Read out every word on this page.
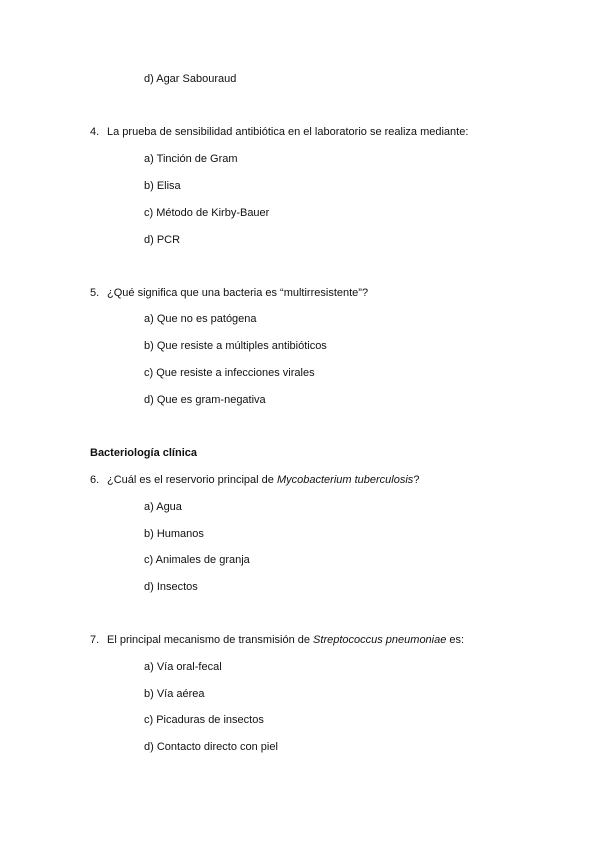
d) Agar Sabouraud
4. La prueba de sensibilidad antibiótica en el laboratorio se realiza mediante:
a) Tinción de Gram
b) Elisa
c) Método de Kirby-Bauer
d) PCR
5. ¿Qué significa que una bacteria es “multirresistente”?
a) Que no es patógena
b) Que resiste a múltiples antibióticos
c) Que resiste a infecciones virales
d) Que es gram-negativa
Bacteriología clínica
6. ¿Cuál es el reservorio principal de Mycobacterium tuberculosis?
a) Agua
b) Humanos
c) Animales de granja
d) Insectos
7. El principal mecanismo de transmisión de Streptococcus pneumoniae es:
a) Vía oral-fecal
b) Vía aérea
c) Picaduras de insectos
d) Contacto directo con piel
